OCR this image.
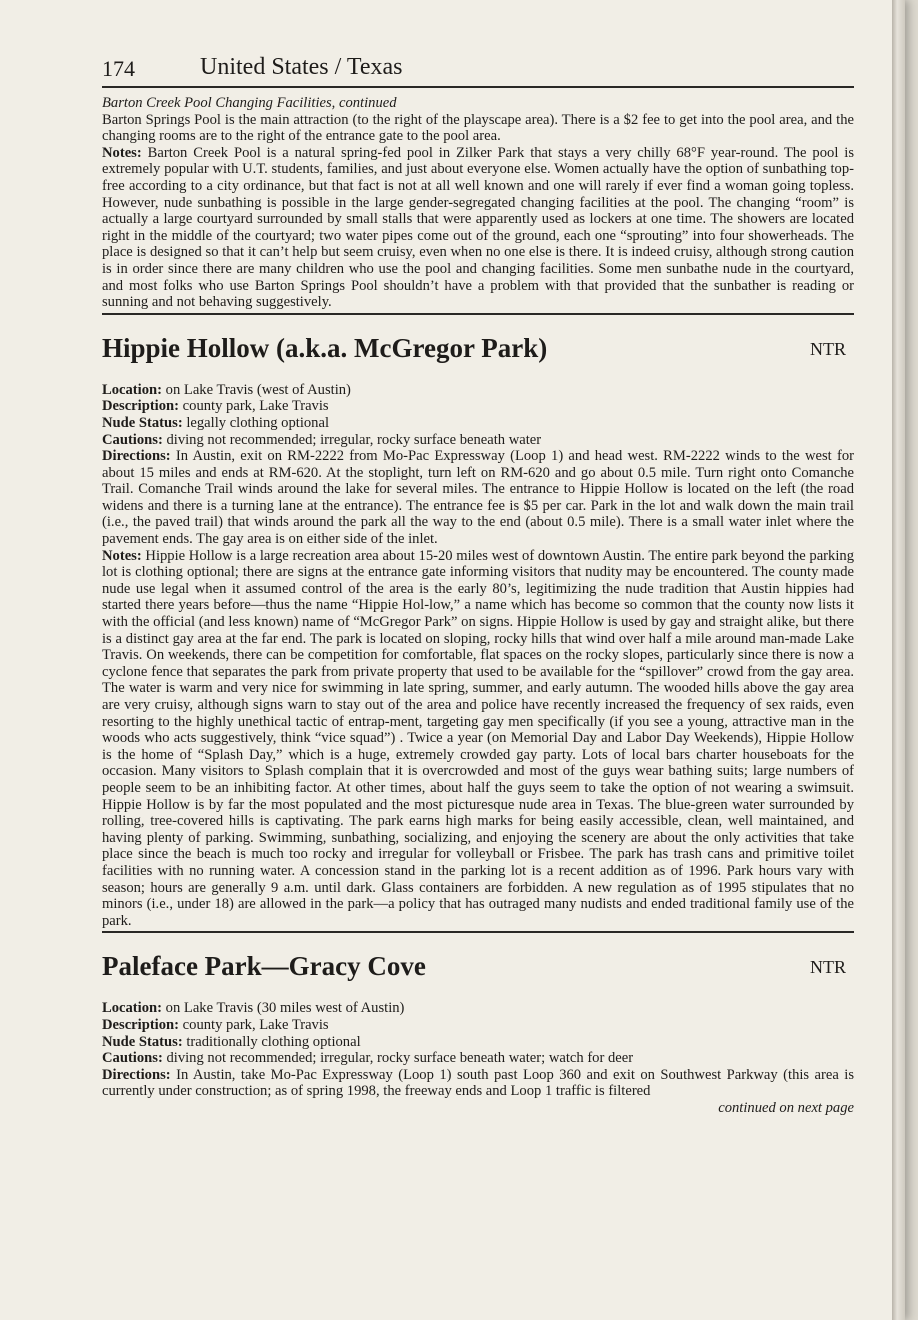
174	United States / Texas

Barton Creek Pool Changing Facilities, continued

Barton Springs Pool is the main attraction (to the right of the playscape area). There is a $2 fee to get into the pool area, and the changing rooms are to the right of the entrance gate to the pool area.

Notes: Barton Creek Pool is a natural spring-fed pool in Zilker Park that stays a very chilly 68°F year-round. The pool is extremely popular with U.T. students, families, and just about everyone else. Women actually have the option of sunbathing top-free according to a city ordinance, but that fact is not at all well known and one will rarely if ever find a woman going topless. However, nude sunbathing is possible in the large gender-segregated changing facilities at the pool. The changing “room” is actually a large courtyard surrounded by small stalls that were apparently used as lockers at one time. The showers are located right in the middle of the courtyard; two water pipes come out of the ground, each one “sprouting” into four showerheads. The place is designed so that it can’t help but seem cruisy, even when no one else is there. It is indeed cruisy, although strong caution is in order since there are many children who use the pool and changing facilities. Some men sunbathe nude in the courtyard, and most folks who use Barton Springs Pool shouldn’t have a problem with that provided that the sunbather is reading or sunning and not behaving suggestively.

Hippie Hollow (a.k.a. McGregor Park)	NTR

Location: on Lake Travis (west of Austin)

Description: county park, Lake Travis

Nude Status: legally clothing optional

Cautions: diving not recommended; irregular, rocky surface beneath water

Directions: In Austin, exit on RM-2222 from Mo-Pac Expressway (Loop 1) and head west. RM-2222 winds to the west for about 15 miles and ends at RM-620. At the stoplight, turn left on RM-620 and go about 0.5 mile. Turn right onto Comanche Trail. Comanche Trail winds around the lake for several miles. The entrance to Hippie Hollow is located on the left (the road widens and there is a turning lane at the entrance). The entrance fee is $5 per car. Park in the lot and walk down the main trail (i.e., the paved trail) that winds around the park all the way to the end (about 0.5 mile). There is a small water inlet where the pavement ends. The gay area is on either side of the inlet.

Notes: Hippie Hollow is a large recreation area about 15-20 miles west of downtown Austin. The entire park beyond the parking lot is clothing optional; there are signs at the entrance gate informing visitors that nudity may be encountered. The county made nude use legal when it assumed control of the area is the early 80’s, legitimizing the nude tradition that Austin hippies had started there years before—thus the name “Hippie Hol-low,” a name which has become so common that the county now lists it with the official (and less known) name of “McGregor Park” on signs. Hippie Hollow is used by gay and straight alike, but there is a distinct gay area at the far end. The park is located on sloping, rocky hills that wind over half a mile around man-made Lake Travis. On weekends, there can be competition for comfortable, flat spaces on the rocky slopes, particularly since there is now a cyclone fence that separates the park from private property that used to be available for the “spillover” crowd from the gay area. The water is warm and very nice for swimming in late spring, summer, and early autumn. The wooded hills above the gay area are very cruisy, although signs warn to stay out of the area and police have recently increased the frequency of sex raids, even resorting to the highly unethical tactic of entrap-ment, targeting gay men specifically (if you see a young, attractive man in the woods who acts suggestively, think “vice squad”) . Twice a year (on Memorial Day and Labor Day Weekends), Hippie Hollow is the home of “Splash Day,” which is a huge, extremely crowded gay party. Lots of local bars charter houseboats for the occasion. Many visitors to Splash complain that it is overcrowded and most of the guys wear bathing suits; large numbers of people seem to be an inhibiting factor. At other times, about half the guys seem to take the option of not wearing a swimsuit. Hippie Hollow is by far the most populated and the most picturesque nude area in Texas. The blue-green water surrounded by rolling, tree-covered hills is captivating. The park earns high marks for being easily accessible, clean, well maintained, and having plenty of parking. Swimming, sunbathing, socializing, and enjoying the scenery are about the only activities that take place since the beach is much too rocky and irregular for volleyball or Frisbee. The park has trash cans and primitive toilet facilities with no running water. A concession stand in the parking lot is a recent addition as of 1996. Park hours vary with season; hours are generally 9 a.m. until dark. Glass containers are forbidden. A new regulation as of 1995 stipulates that no minors (i.e., under 18) are allowed in the park—a policy that has outraged many nudists and ended traditional family use of the park.

Paleface Park—Gracy Cove	NTR

Location: on Lake Travis (30 miles west of Austin)

Description: county park, Lake Travis

Nude Status: traditionally clothing optional

Cautions: diving not recommended; irregular, rocky surface beneath water; watch for deer

Directions: In Austin, take Mo-Pac Expressway (Loop 1) south past Loop 360 and exit on Southwest Parkway (this area is currently under construction; as of spring 1998, the freeway ends and Loop 1 traffic is filtered

continued on next page
